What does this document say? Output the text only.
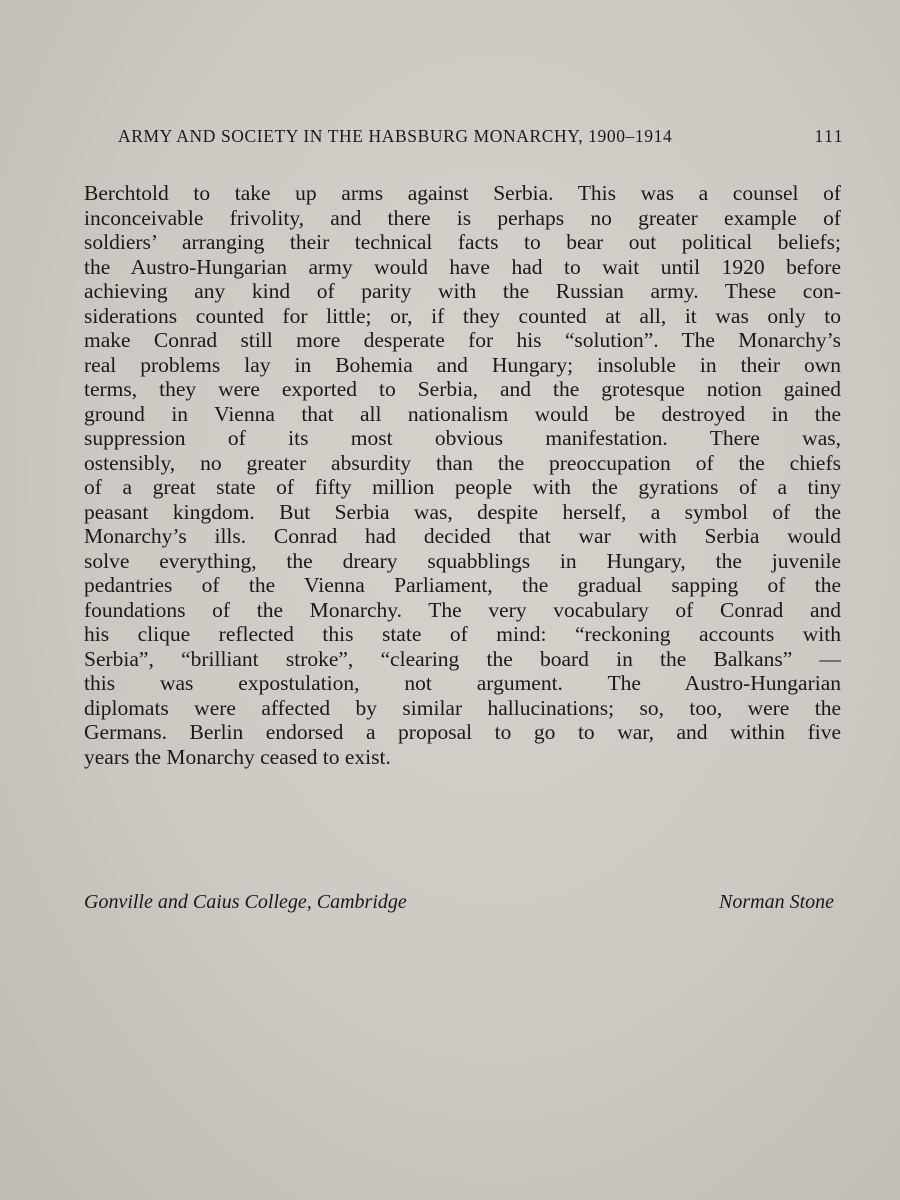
ARMY AND SOCIETY IN THE HABSBURG MONARCHY, 1900–1914	111
Berchtold to take up arms against Serbia. This was a counsel of
inconceivable frivolity, and there is perhaps no greater example of
soldiers’ arranging their technical facts to bear out political beliefs;
the Austro-Hungarian army would have had to wait until 1920 before
achieving any kind of parity with the Russian army. These con-
siderations counted for little; or, if they counted at all, it was only to
make Conrad still more desperate for his “solution”. The Monarchy’s
real problems lay in Bohemia and Hungary; insoluble in their own
terms, they were exported to Serbia, and the grotesque notion gained
ground in Vienna that all nationalism would be destroyed in the
suppression of its most obvious manifestation. There was,
ostensibly, no greater absurdity than the preoccupation of the chiefs
of a great state of fifty million people with the gyrations of a tiny
peasant kingdom. But Serbia was, despite herself, a symbol of the
Monarchy’s ills. Conrad had decided that war with Serbia would
solve everything, the dreary squabblings in Hungary, the juvenile
pedantries of the Vienna Parliament, the gradual sapping of the
foundations of the Monarchy. The very vocabulary of Conrad and
his clique reflected this state of mind: “reckoning accounts with
Serbia”, “brilliant stroke”, “clearing the board in the Balkans” —
this was expostulation, not argument. The Austro-Hungarian
diplomats were affected by similar hallucinations; so, too, were the
Germans. Berlin endorsed a proposal to go to war, and within five
years the Monarchy ceased to exist.
Gonville and Caius College, Cambridge	Norman Stone
